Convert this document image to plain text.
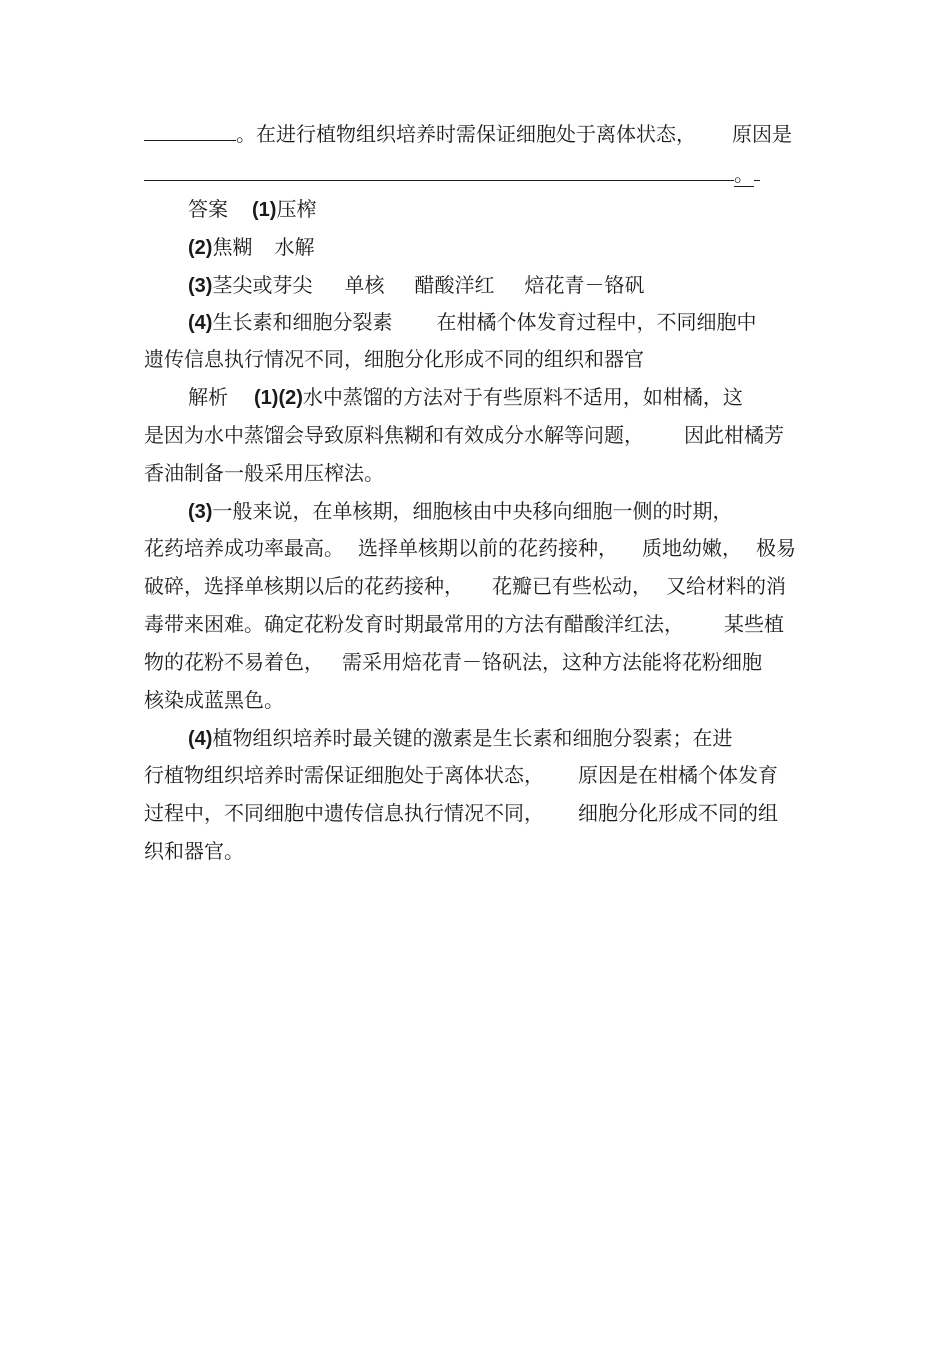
。在进行植物组织培养时需保证细胞处于离体状态， 原因是
。
答案 (1)压榨
(2)焦糊 水解
(3)茎尖或芽尖 单核 醋酸洋红 焙花青－铬矾
(4)生长素和细胞分裂素 在柑橘个体发育过程中，不同细胞中
遗传信息执行情况不同，细胞分化形成不同的组织和器官
解析 (1)(2)水中蒸馏的方法对于有些原料不适用，如柑橘，这
是因为水中蒸馏会导致原料焦糊和有效成分水解等问题， 因此柑橘芳
香油制备一般采用压榨法。
(3)一般来说，在单核期，细胞核由中央移向细胞一侧的时期，
花药培养成功率最高。 选择单核期以前的花药接种， 质地幼嫩， 极易
破碎，选择单核期以后的花药接种， 花瓣已有些松动， 又给材料的消
毒带来困难。确定花粉发育时期最常用的方法有醋酸洋红法， 某些植
物的花粉不易着色， 需采用焙花青－铬矾法，这种方法能将花粉细胞
核染成蓝黑色。
(4)植物组织培养时最关键的激素是生长素和细胞分裂素；在进
行植物组织培养时需保证细胞处于离体状态， 原因是在柑橘个体发育
过程中，不同细胞中遗传信息执行情况不同， 细胞分化形成不同的组
织和器官。
